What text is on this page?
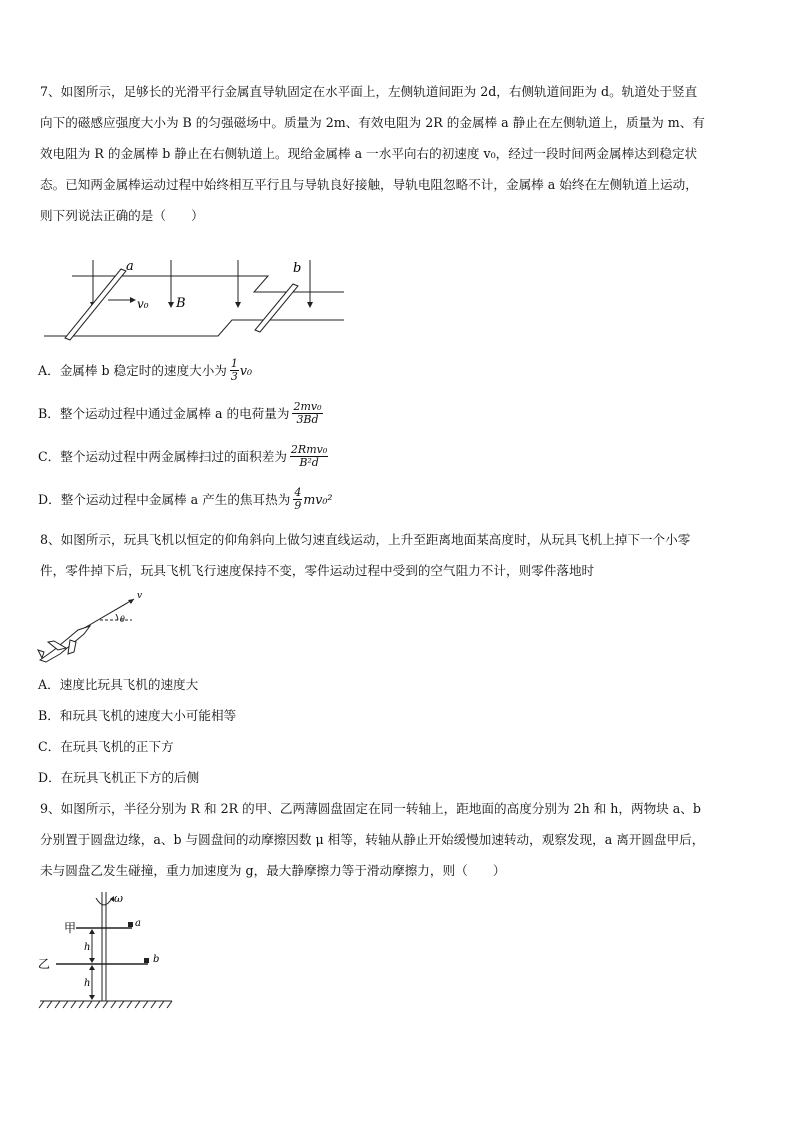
7、如图所示，足够长的光滑平行金属直导轨固定在水平面上，左侧轨道间距为 2d，右侧轨道间距为 d。轨道处于竖直
向下的磁感应强度大小为 B 的匀强磁场中。质量为 2m、有效电阻为 2R 的金属棒 a 静止在左侧轨道上，质量为 m、有
效电阻为 R 的金属棒 b 静止在右侧轨道上。现给金属棒 a 一水平向右的初速度 v₀，经过一段时间两金属棒达到稳定状
态。已知两金属棒运动过程中始终相互平行且与导轨良好接触，导轨电阻忽略不计，金属棒 a 始终在左侧轨道上运动，
则下列说法正确的是（　　）
a	b
v₀ B
A．金属棒 b 稳定时的速度大小为 $\frac{1}{3} v_0$
B．整个运动过程中通过金属棒 a 的电荷量为 $\frac{\text{2mv₀}}{3Bd}$
C．整个运动过程中两金属棒扫过的面积差为 $\frac{\text{2Rmv₀}}{\text{B²d}}$
D．整个运动过程中金属棒 a 产生的焦耳热为 $\frac{4}{9} mv_0^2$
8、如图所示，玩具飞机以恒定的仰角斜向上做匀速直线运动，上升至距离地面某高度时，从玩具飞机上掉下一个小零
件，零件掉下后，玩具飞机飞行速度保持不变，零件运动过程中受到的空气阻力不计，则零件落地时
v
θ
A．速度比玩具飞机的速度大
B．和玩具飞机的速度大小可能相等
C．在玩具飞机的正下方
D．在玩具飞机正下方的后侧
9、如图所示，半径分别为 R 和 2R 的甲、乙两薄圆盘固定在同一转轴上，距地面的高度分别为 2h 和 h，两物块 a、b
分别置于圆盘边缘，a、b 与圆盘间的动摩擦因数 μ 相等，转轴从静止开始缓慢加速转动，观察发现，a 离开圆盘甲后，
未与圆盘乙发生碰撞，重力加速度为 g，最大静摩擦力等于滑动摩擦力，则（　　）
ω
甲
乙
a
b
h
h
